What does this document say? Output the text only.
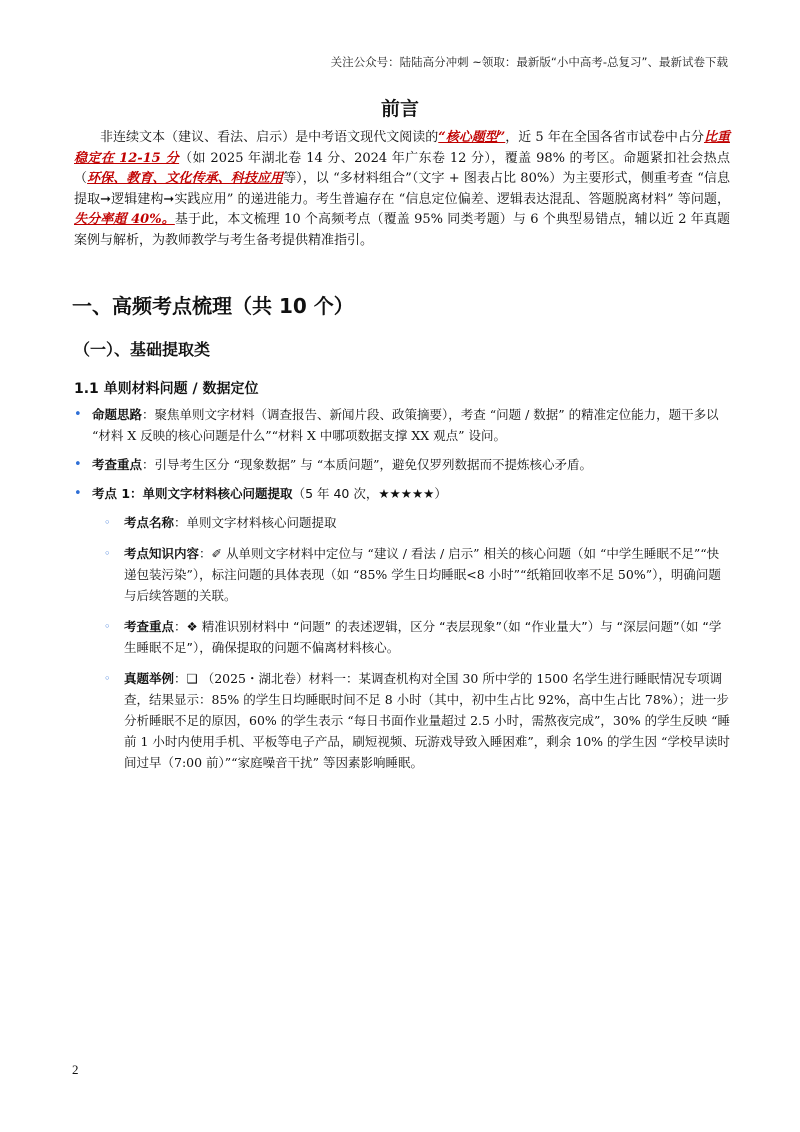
关注公众号：陆陆高分冲刺 ~领取：最新版“小中高考-总复习”、最新试卷下载
前言
非连续文本（建议、看法、启示）是中考语文现代文阅读的“核心题型”，近 5 年在全国各省市试卷中占分比重稳定在 12-15 分（如 2025 年湖北卷 14 分、2024 年广东卷 12 分），覆盖 98% 的考区。命题紧扣社会热点（环保、教育、文化传承、科技应用等），以 “多材料组合”（文字 + 图表占比 80%）为主要形式，侧重考查 “信息提取➞逻辑建构➞实践应用” 的递进能力。考生普遍存在 “信息定位偏差、逻辑表达混乱、答题脱离材料” 等问题，失分率超 40%。基于此，本文梳理 10 个高频考点（覆盖 95% 同类考题）与 6 个典型易错点，辅以近 2 年真题案例与解析，为教师教学与考生备考提供精准指引。
一、高频考点梳理（共 10 个）
（一）、基础提取类
1.1 单则材料问题 / 数据定位
• 命题思路：聚焦单则文字材料（调查报告、新闻片段、政策摘要），考查 “问题 / 数据” 的精准定位能力，题干多以 “材料 X 反映的核心问题是什么”“材料 X 中哪项数据支撑 XX 观点” 设问。
• 考查重点：引导考生区分 “现象数据” 与 “本质问题”，避免仅罗列数据而不提炼核心矛盾。
• 考点 1：单则文字材料核心问题提取（5 年 40 次，★★★★★）
◦ 考点名称：单则文字材料核心问题提取
◦ 考点知识内容：✐ 从单则文字材料中定位与 “建议 / 看法 / 启示” 相关的核心问题（如 “中学生睡眠不足”“快递包装污染”），标注问题的具体表现（如 “85% 学生日均睡眠<8 小时”“纸箱回收率不足 50%”），明确问题与后续答题的关联。
◦ 考查重点：❖ 精准识别材料中 “问题” 的表述逻辑，区分 “表层现象”（如 “作业量大”）与 “深层问题”（如 “学生睡眠不足”），确保提取的问题不偏离材料核心。
◦ 真题举例：❑ （2025・湖北卷）材料一：某调查机构对全国 30 所中学的 1500 名学生进行睡眠情况专项调查，结果显示：85% 的学生日均睡眠时间不足 8 小时（其中，初中生占比 92%，高中生占比 78%）；进一步分析睡眠不足的原因，60% 的学生表示 “每日书面作业量超过 2.5 小时，需熬夜完成”，30% 的学生反映 “睡前 1 小时内使用手机、平板等电子产品，刷短视频、玩游戏导致入睡困难”，剩余 10% 的学生因 “学校早读时间过早（7:00 前）”“家庭噪音干扰” 等因素影响睡眠。
2
